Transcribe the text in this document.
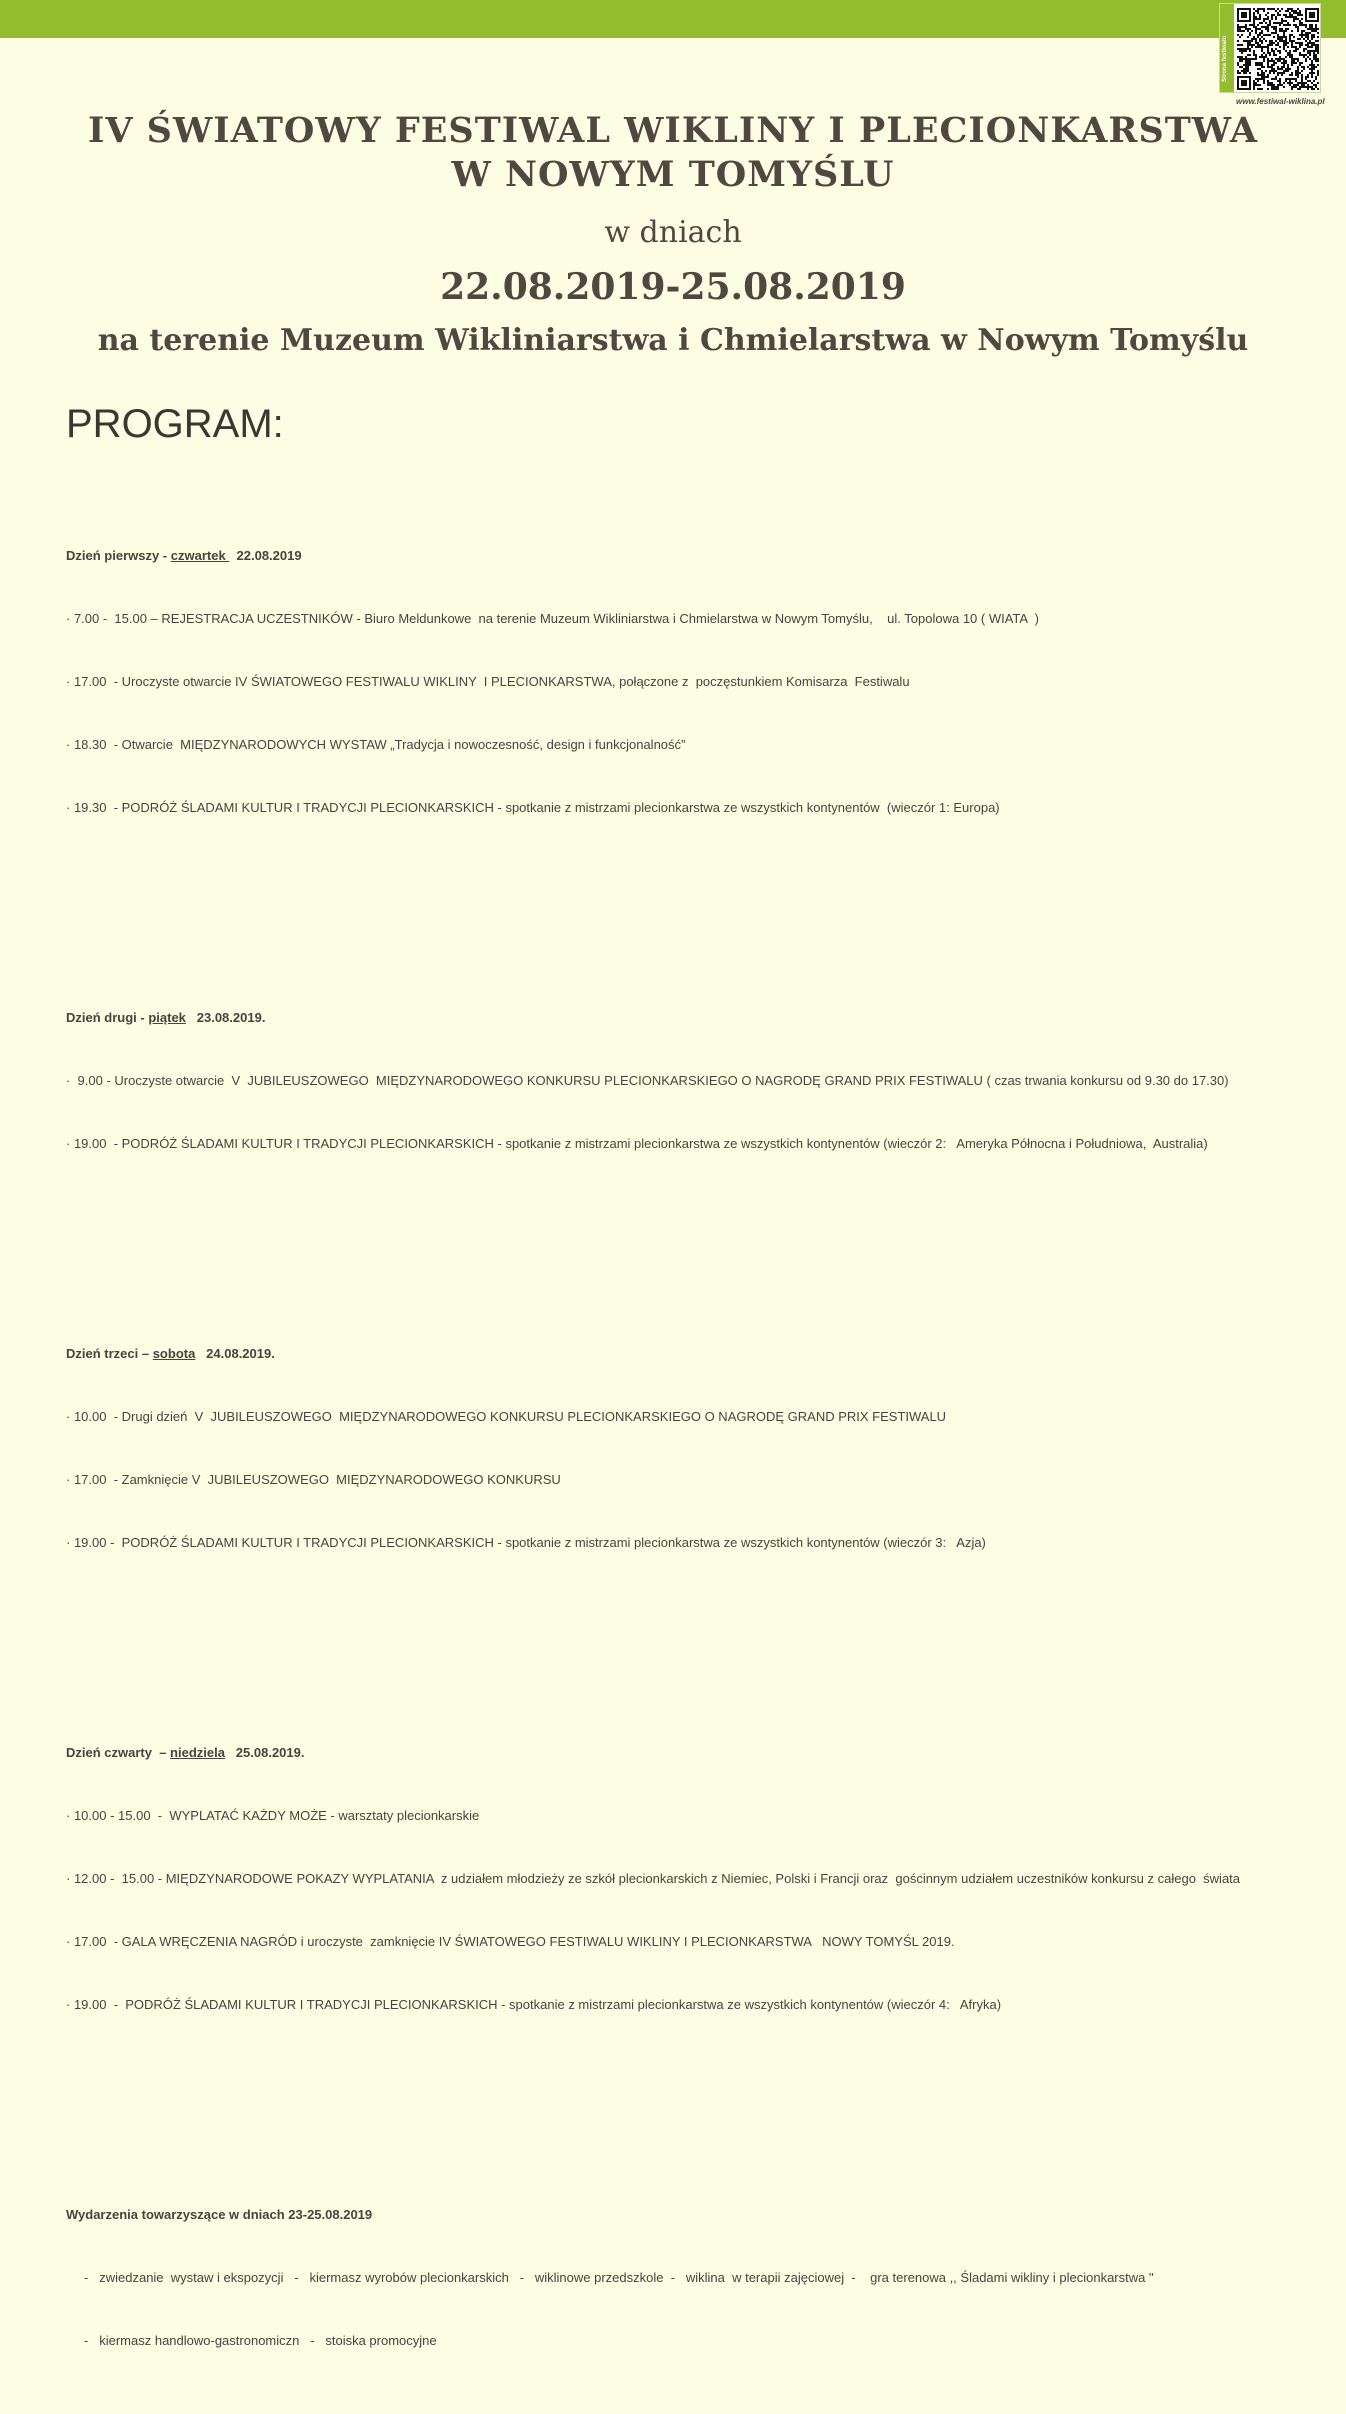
Strona festiwalu
www.festiwal-wiklina.pl
IV ŚWIATOWY FESTIWAL WIKLINY I PLECIONKARSTWA
W NOWYM TOMYŚLU
w dniach
22.08.2019-25.08.2019
na terenie Muzeum Wikliniarstwa i Chmielarstwa w Nowym Tomyślu
PROGRAM:

Dzień pierwszy - czwartek   22.08.2019

· 7.00 -  15.00 – REJESTRACJA UCZESTNIKÓW - Biuro Meldunkowe  na terenie Muzeum Wikliniarstwa i Chmielarstwa w Nowym Tomyślu,    ul. Topolowa 10 ( WIATA  )

· 17.00  - Uroczyste otwarcie IV ŚWIATOWEGO FESTIWALU WIKLINY  I PLECIONKARSTWA, połączone z  poczęstunkiem Komisarza  Festiwalu

· 18.30  - Otwarcie  MIĘDZYNARODOWYCH WYSTAW „Tradycja i nowoczesność, design i funkcjonalność”

· 19.30  - PODRÓŻ ŚLADAMI KULTUR I TRADYCJI PLECIONKARSKICH - spotkanie z mistrzami plecionkarstwa ze wszystkich kontynentów  (wieczór 1: Europa)

Dzień drugi - piątek   23.08.2019.

·  9.00 - Uroczyste otwarcie  V  JUBILEUSZOWEGO  MIĘDZYNARODOWEGO KONKURSU PLECIONKARSKIEGO O NAGRODĘ GRAND PRIX FESTIWALU ( czas trwania konkursu od 9.30 do 17.30)

· 19.00  - PODRÓŻ ŚLADAMI KULTUR I TRADYCJI PLECIONKARSKICH - spotkanie z mistrzami plecionkarstwa ze wszystkich kontynentów (wieczór 2:   Ameryka Północna i Południowa,  Australia)

Dzień trzeci – sobota   24.08.2019.

· 10.00  - Drugi dzień  V  JUBILEUSZOWEGO  MIĘDZYNARODOWEGO KONKURSU PLECIONKARSKIEGO O NAGRODĘ GRAND PRIX FESTIWALU

· 17.00  - Zamknięcie V  JUBILEUSZOWEGO  MIĘDZYNARODOWEGO KONKURSU

· 19.00 -  PODRÓŻ ŚLADAMI KULTUR I TRADYCJI PLECIONKARSKICH - spotkanie z mistrzami plecionkarstwa ze wszystkich kontynentów (wieczór 3:   Azja)

Dzień czwarty  – niedziela   25.08.2019.

· 10.00 - 15.00  -  WYPLATAĆ KAŻDY MOŻE - warsztaty plecionkarskie

· 12.00 -  15.00 - MIĘDZYNARODOWE POKAZY WYPLATANIA  z udziałem młodzieży ze szkół plecionkarskich z Niemiec, Polski i Francji oraz  gościnnym udziałem uczestników konkursu z całego  świata

· 17.00  - GALA WRĘCZENIA NAGRÓD i uroczyste  zamknięcie IV ŚWIATOWEGO FESTIWALU WIKLINY I PLECIONKARSTWA   NOWY TOMYŚL 2019.

· 19.00  -  PODRÓŻ ŚLADAMI KULTUR I TRADYCJI PLECIONKARSKICH - spotkanie z mistrzami plecionkarstwa ze wszystkich kontynentów (wieczór 4:   Afryka)

Wydarzenia towarzyszące w dniach 23-25.08.2019

-   zwiedzanie  wystaw i ekspozycji   -   kiermasz wyrobów plecionkarskich   -   wiklinowe przedszkole  -   wiklina  w terapii zajęciowej  -    gra terenowa ,, Śladami wikliny i plecionkarstwa "

-   kiermasz handlowo-gastronomiczn   -   stoiska promocyjne
